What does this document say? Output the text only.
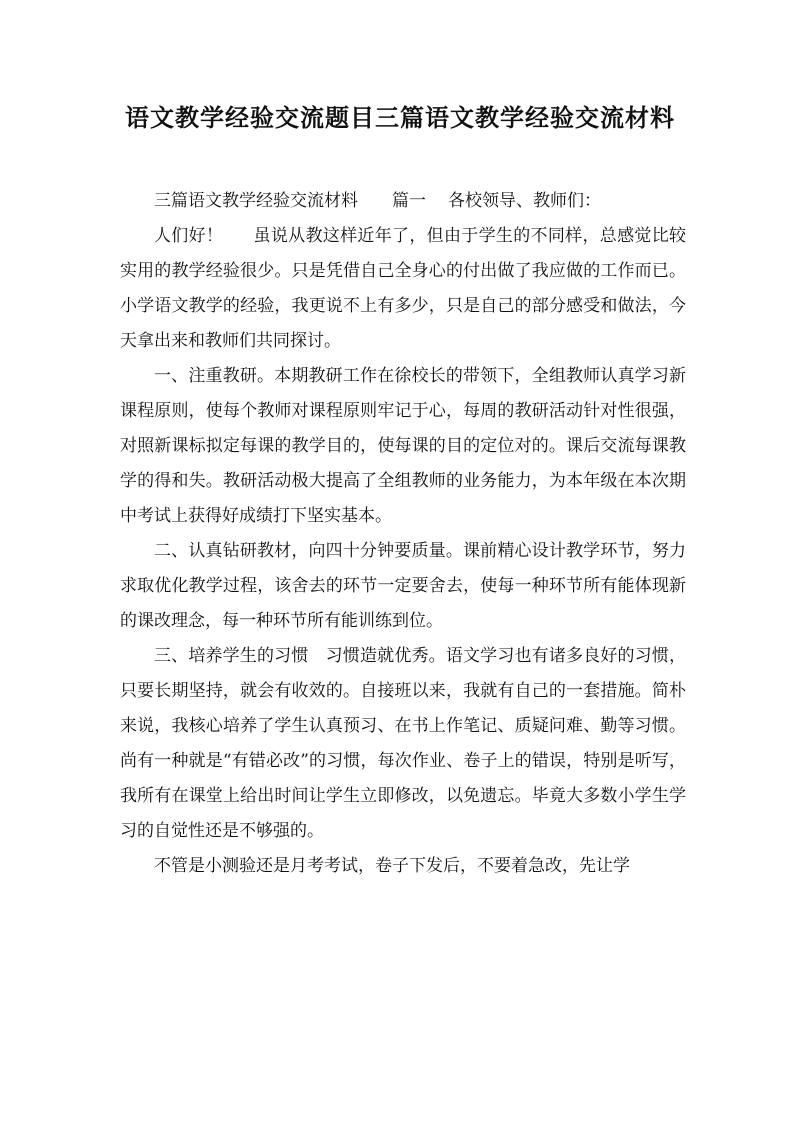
语文教学经验交流题目三篇语文教学经验交流材料

三篇语文教学经验交流材料 篇一 各校领导、教师们：

人们好！ 虽说从教这样近年了，但由于学生的不同样，总感觉比较实用的教学经验很少。只是凭借自己全身心的付出做了我应做的工作而已。小学语文教学的经验，我更说不上有多少，只是自己的部分感受和做法，今天拿出来和教师们共同探讨。

一、注重教研。本期教研工作在徐校长的带领下，全组教师认真学习新课程原则，使每个教师对课程原则牢记于心，每周的教研活动针对性很强，对照新课标拟定每课的教学目的，使每课的目的定位对的。课后交流每课教学的得和失。教研活动极大提高了全组教师的业务能力，为本年级在本次期中考试上获得好成绩打下坚实基本。

二、认真钻研教材，向四十分钟要质量。课前精心设计教学环节，努力求取优化教学过程，该舍去的环节一定要舍去，使每一种环节所有能体现新的课改理念，每一种环节所有能训练到位。

三、培养学生的习惯　习惯造就优秀。语文学习也有诸多良好的习惯，只要长期坚持，就会有收效的。自接班以来，我就有自己的一套措施。简朴来说，我核心培养了学生认真预习、在书上作笔记、质疑问难、勤等习惯。尚有一种就是“有错必改”的习惯，每次作业、卷子上的错误，特别是听写，我所有在课堂上给出时间让学生立即修改，以免遗忘。毕竟大多数小学生学习的自觉性还是不够强的。

不管是小测验还是月考考试，卷子下发后，不要着急改，先让学
